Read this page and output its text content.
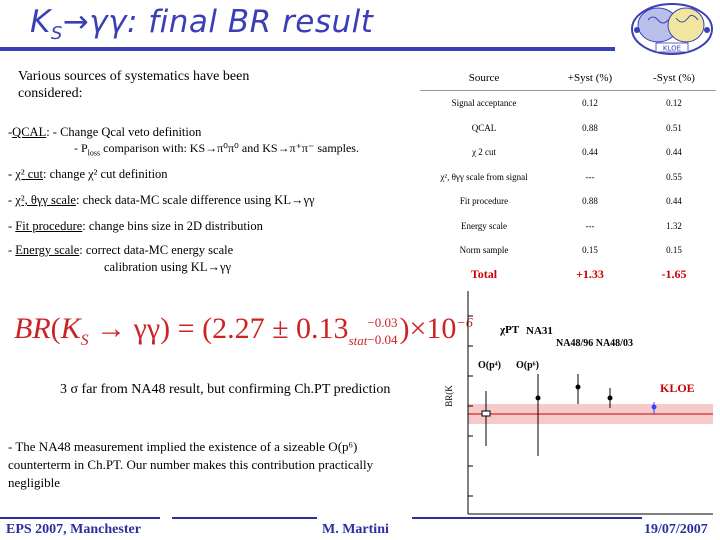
$K_S\to\gamma\gamma$: final BR result
KLOE
Various sources of systematics have been considered:
-QCAL: - Change Qcal veto definition
- $P_{loss}$ comparison with: KS→π⁰π⁰ and KS→π⁺π⁻ samples.
- χ² cut: change χ² cut definition
- χ², θγγ scale: check data-MC scale difference using KL→γγ
- Fit procedure: change bins size in 2D distribution
- Energy scale: correct data-MC energy scale
calibration using KL→γγ
Source	+Syst (%)	-Syst (%)
Signal acceptance	0.12	0.12
QCAL	0.88	0.51
χ 2 cut	0.44	0.44
χ², θγγ scale from signal	---	0.55
Fit procedure	0.88	0.44
Energy scale	---	1.32
Norm sample	0.15	0.15
Total	+1.33	-1.65
$BR(K_S \to \gamma\gamma) = (2.27 \pm 0.13_{stat}-0.03$
$-0.04)\times 10^{-6}$
3 σ far from NA48 result, but confirming Ch.PT prediction
- The NA48 measurement implied the existence of a sizeable O(p⁶) counterterm in Ch.PT. Our number makes this contribution practically negligible
BR(K
χPT NA31
NA48/96 NA48/03
O(p⁴) O(p⁶)
KLOE
EPS 2007, Manchester	M. Martini	19/07/2007
